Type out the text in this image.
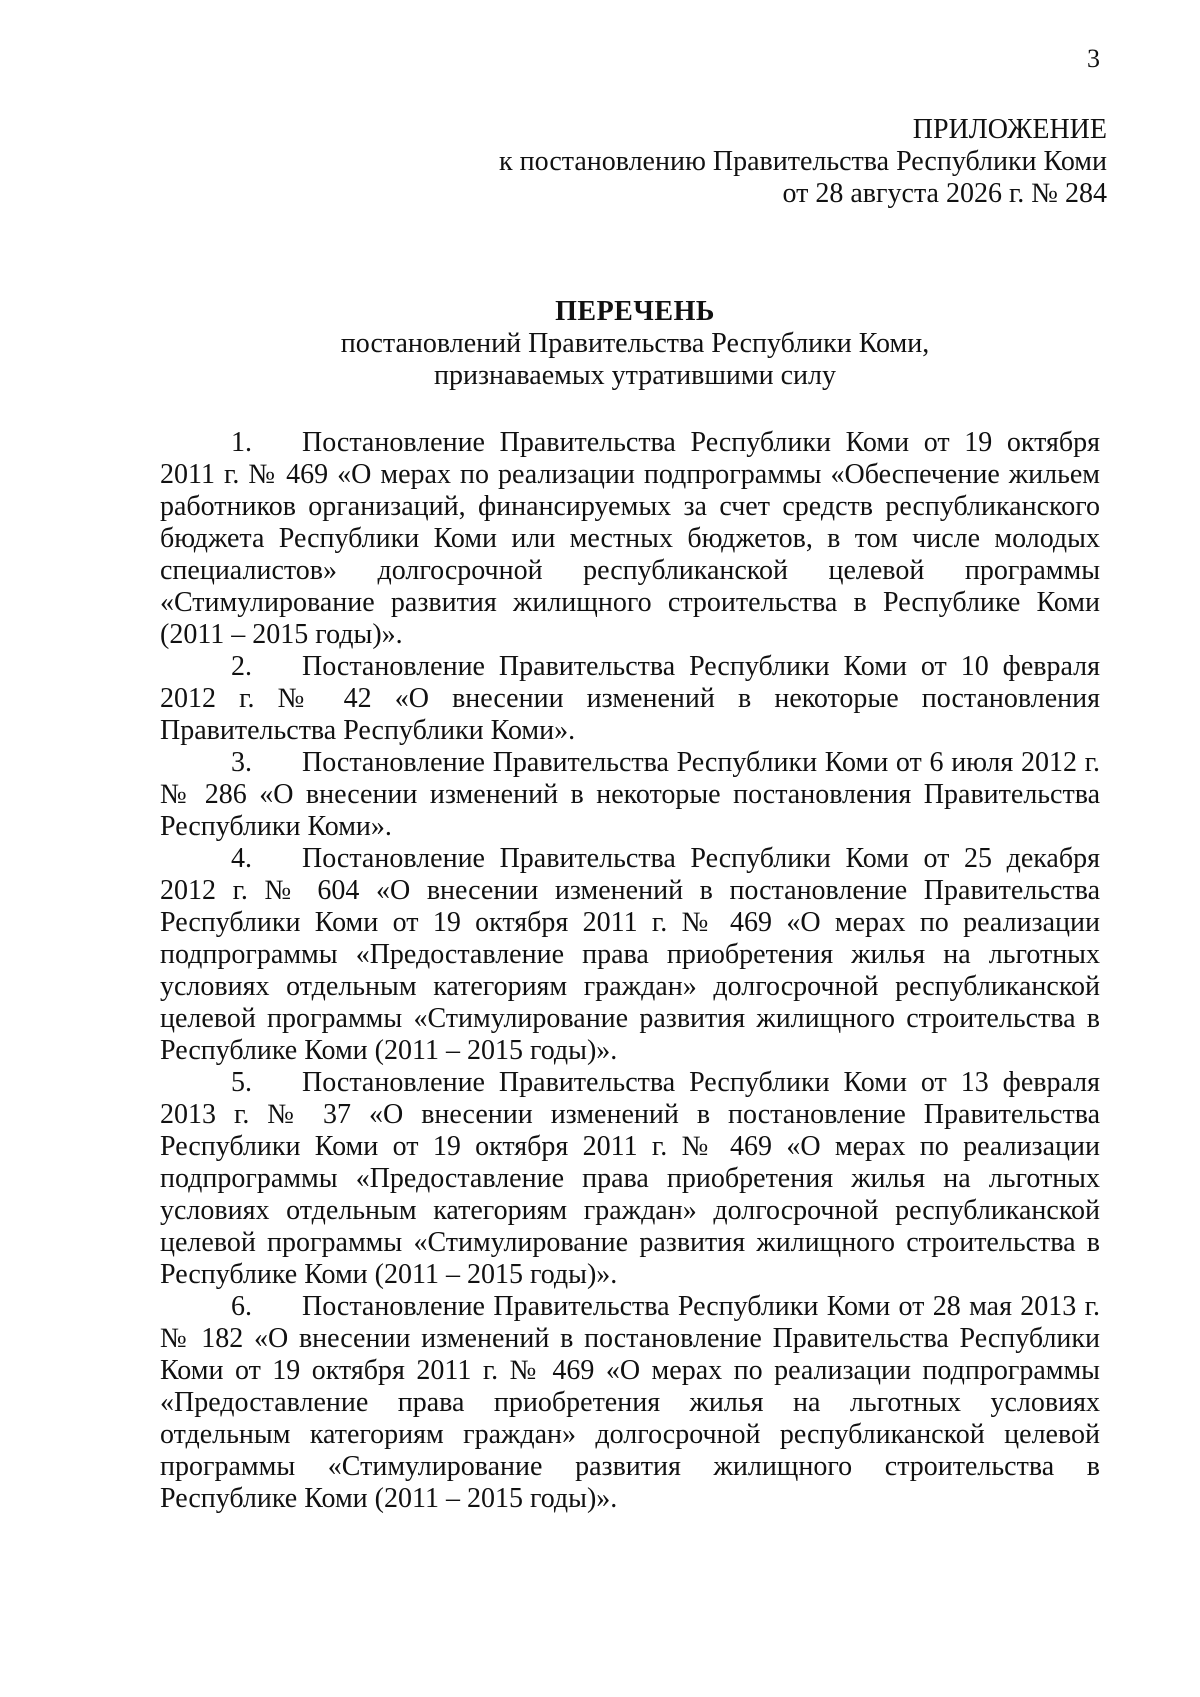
3
ПРИЛОЖЕНИЕ
к постановлению Правительства Республики Коми
от 28 августа 2026 г. № 284
ПЕРЕЧЕНЬ
постановлений Правительства Республики Коми,
признаваемых утратившими силу

1. Постановление Правительства Республики Коми от 19 октября 2011 г. № 469 «О мерах по реализации подпрограммы «Обеспечение жильем работников организаций, финансируемых за счет средств республиканского бюджета Республики Коми или местных бюджетов, в том числе молодых специалистов» долгосрочной республиканской целевой программы «Стимулирование развития жилищного строительства в Республике Коми (2011 – 2015 годы)».

2. Постановление Правительства Республики Коми от 10 февраля 2012 г. № 42 «О внесении изменений в некоторые постановления Правительства Республики Коми».

3. Постановление Правительства Республики Коми от 6 июля 2012 г. № 286 «О внесении изменений в некоторые постановления Правительства Республики Коми».

4. Постановление Правительства Республики Коми от 25 декабря 2012 г. № 604 «О внесении изменений в постановление Правительства Республики Коми от 19 октября 2011 г. № 469 «О мерах по реализации подпрограммы «Предоставление права приобретения жилья на льготных условиях отдельным категориям граждан» долгосрочной республиканской целевой программы «Стимулирование развития жилищного строительства в Республике Коми (2011 – 2015 годы)».

5. Постановление Правительства Республики Коми от 13 февраля 2013 г. № 37 «О внесении изменений в постановление Правительства Республики Коми от 19 октября 2011 г. № 469 «О мерах по реализации подпрограммы «Предоставление права приобретения жилья на льготных условиях отдельным категориям граждан» долгосрочной республиканской целевой программы «Стимулирование развития жилищного строительства в Республике Коми (2011 – 2015 годы)».

6. Постановление Правительства Республики Коми от 28 мая 2013 г. № 182 «О внесении изменений в постановление Правительства Республики Коми от 19 октября 2011 г. № 469 «О мерах по реализации подпрограммы «Предоставление права приобретения жилья на льготных условиях отдельным категориям граждан» долгосрочной республиканской целевой программы «Стимулирование развития жилищного строительства в Республике Коми (2011 – 2015 годы)».
